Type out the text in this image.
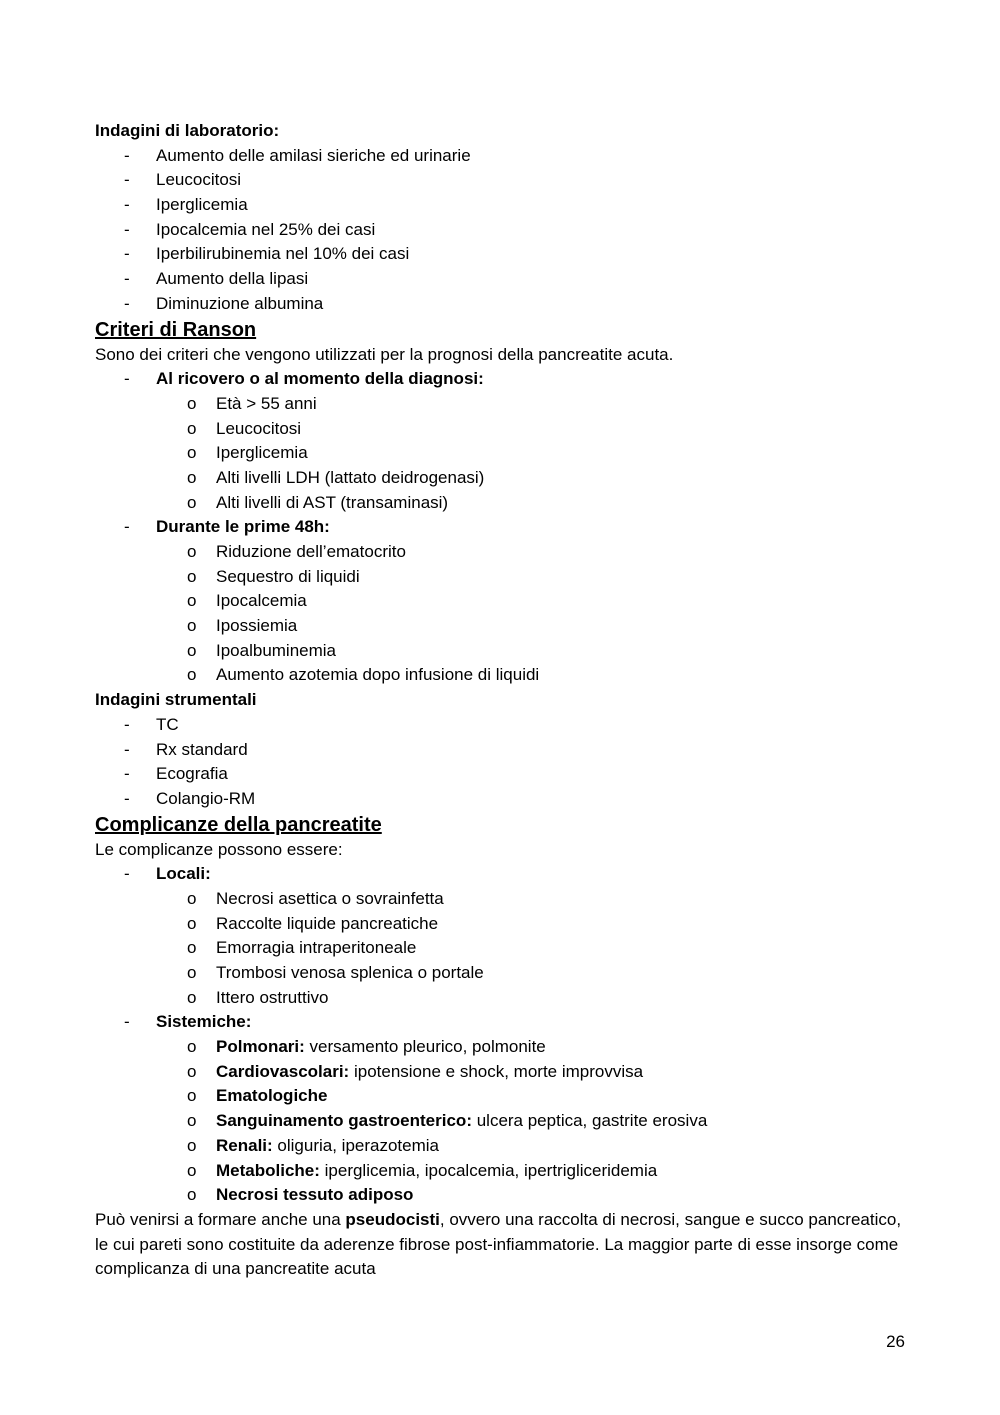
Indagini di laboratorio:
- Aumento delle amilasi sieriche ed urinarie
- Leucocitosi
- Iperglicemia
- Ipocalcemia nel 25% dei casi
- Iperbilirubinemia nel 10% dei casi
- Aumento della lipasi
- Diminuzione albumina
Criteri di Ranson
Sono dei criteri che vengono utilizzati per la prognosi della pancreatite acuta.
- Al ricovero o al momento della diagnosi:
o Età > 55 anni
o Leucocitosi
o Iperglicemia
o Alti livelli LDH (lattato deidrogenasi)
o Alti livelli di AST (transaminasi)
- Durante le prime 48h:
o Riduzione dell’ematocrito
o Sequestro di liquidi
o Ipocalcemia
o Ipossiemia
o Ipoalbuminemia
o Aumento azotemia dopo infusione di liquidi
Indagini strumentali
- TC
- Rx standard
- Ecografia
- Colangio-RM
Complicanze della pancreatite
Le complicanze possono essere:
- Locali:
o Necrosi asettica o sovrainfetta
o Raccolte liquide pancreatiche
o Emorragia intraperitoneale
o Trombosi venosa splenica o portale
o Ittero ostruttivo
- Sistemiche:
o Polmonari: versamento pleurico, polmonite
o Cardiovascolari: ipotensione e shock, morte improvvisa
o Ematologiche
o Sanguinamento gastroenterico: ulcera peptica, gastrite erosiva
o Renali: oliguria, iperazotemia
o Metaboliche: iperglicemia, ipocalcemia, ipertrigliceridemia
o Necrosi tessuto adiposo
Può venirsi a formare anche una pseudocisti, ovvero una raccolta di necrosi, sangue e succo pancreatico, le cui pareti sono costituite da aderenze fibrose post-infiammatorie. La maggior parte di esse insorge come complicanza di una pancreatite acuta
26
